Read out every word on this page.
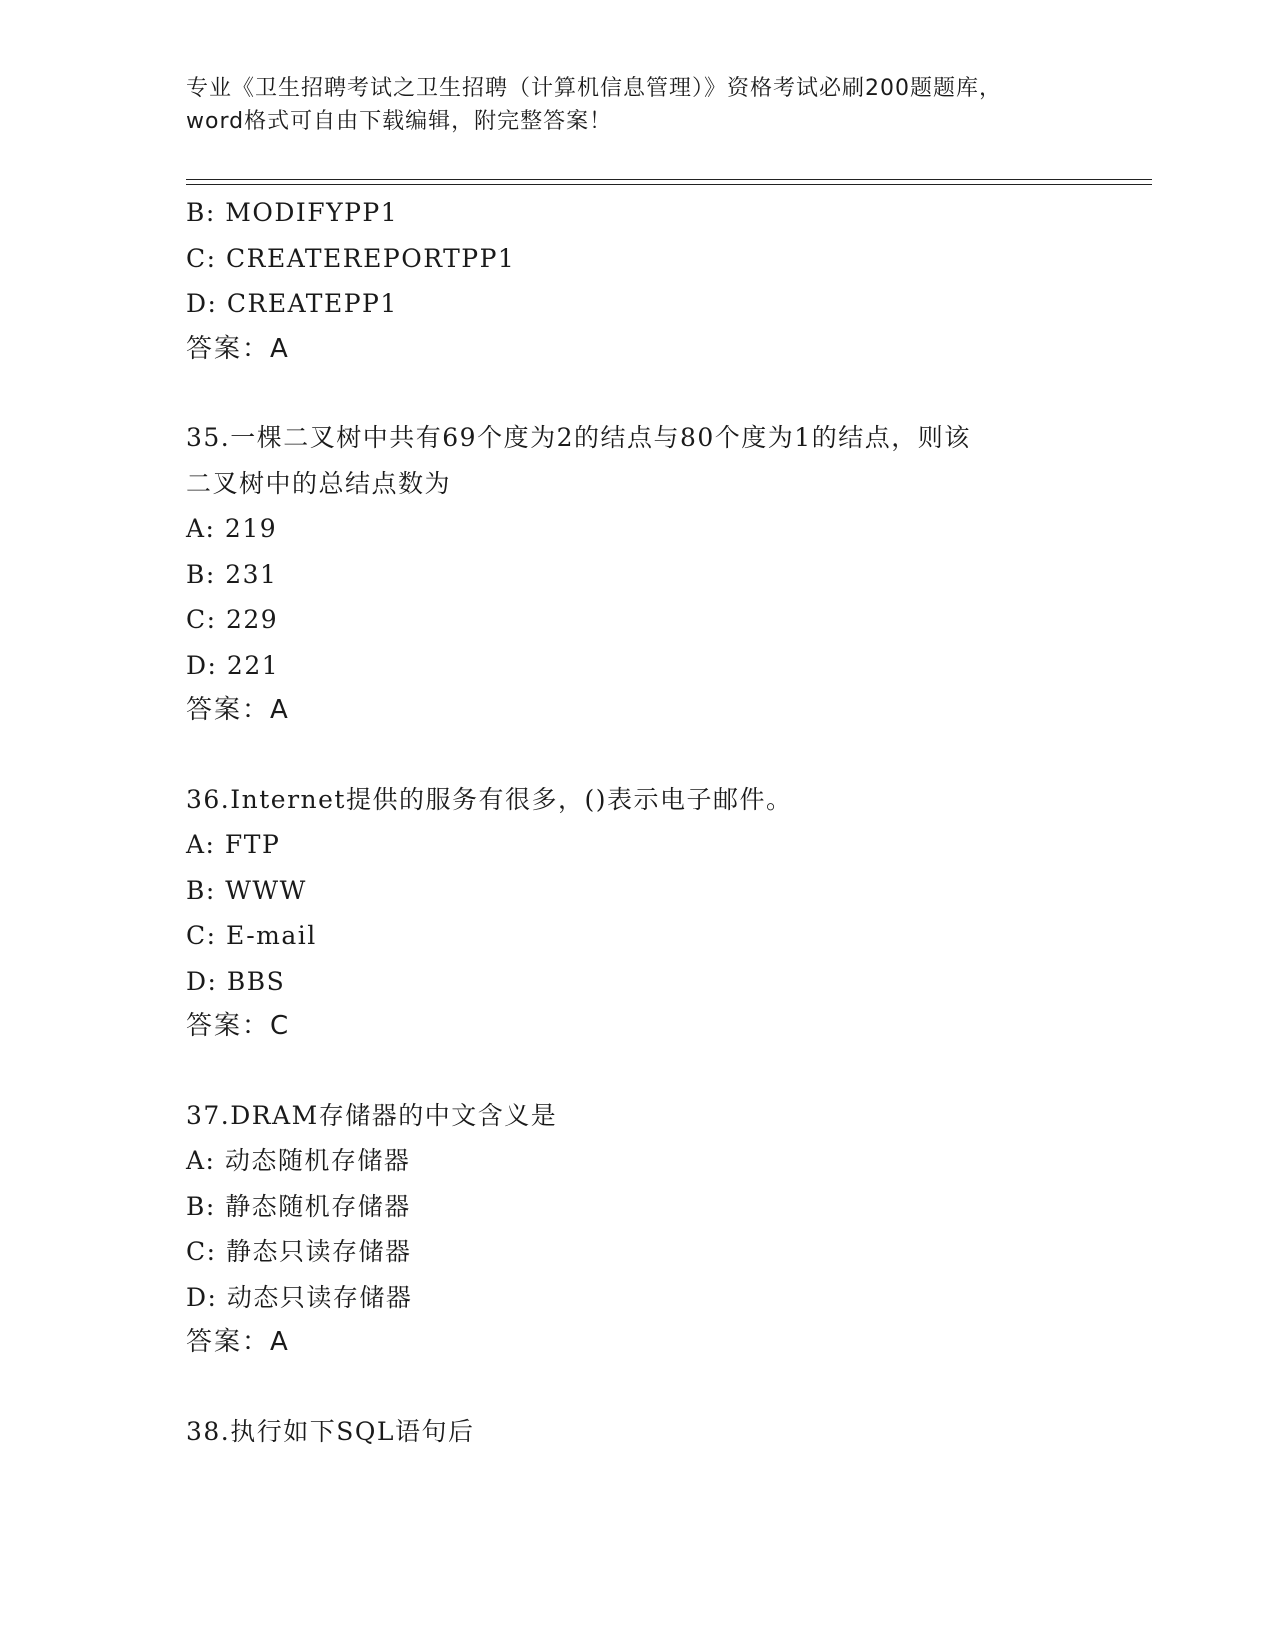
专业《卫生招聘考试之卫生招聘（计算机信息管理）》资格考试必刷200题题库，
word格式可自由下载编辑，附完整答案！
B: MODIFYPP1
C: CREATEREPORTPP1
D: CREATEPP1
答案：A
35.一棵二叉树中共有69个度为2的结点与80个度为1的结点，则该
二叉树中的总结点数为
A: 219
B: 231
C: 229
D: 221
答案：A
36.Internet提供的服务有很多，()表示电子邮件。
A: FTP
B: WWW
C: E-mail
D: BBS
答案：C
37.DRAM存储器的中文含义是
A: 动态随机存储器
B: 静态随机存储器
C: 静态只读存储器
D: 动态只读存储器
答案：A
38.执行如下SQL语句后
